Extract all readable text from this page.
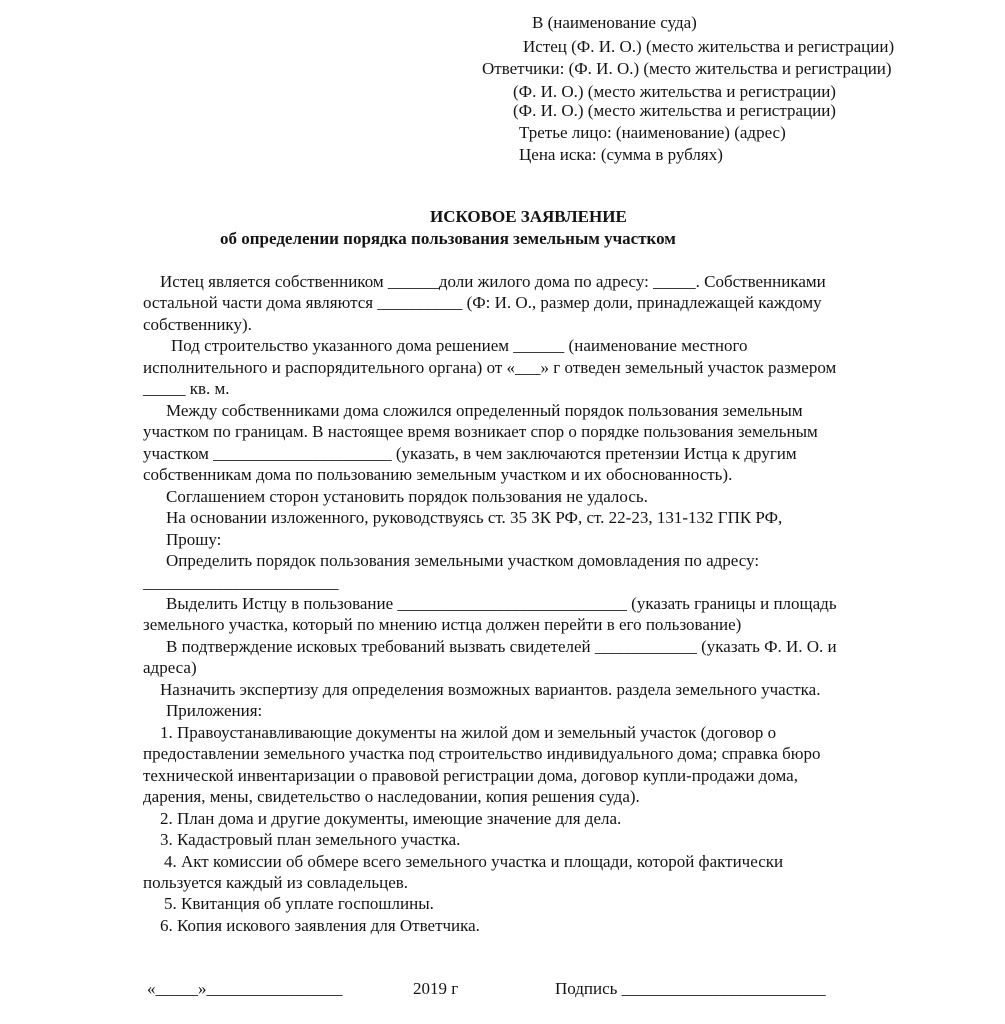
В (наименование суда)
Истец (Ф. И. О.) (место жительства и регистрации)
Ответчики: (Ф. И. О.) (место жительства и регистрации)
(Ф. И. О.) (место жительства и регистрации)
(Ф. И. О.) (место жительства и регистрации)
Третье лицо: (наименование) (адрес)
Цена иска: (сумма в рублях)
ИСКОВОЕ ЗАЯВЛЕНИЕ
об определении порядка пользования земельным участком
Истец является собственником ______доли жилого дома по адресу: _____. Собственниками
остальной части дома являются __________ (Ф: И. О., размер доли, принадлежащей каждому
собственнику).
Под строительство указанного дома решением ______ (наименование местного
исполнительного и распорядительного органа) от «___» г отведен земельный участок размером
_____ кв. м.
Между собственниками дома сложился определенный порядок пользования земельным
участком по границам. В настоящее время возникает спор о порядке пользования земельным
участком _____________________ (указать, в чем заключаются претензии Истца к другим
собственникам дома по пользованию земельным участком и их обоснованность).
Соглашением сторон установить порядок пользования не удалось.
На основании изложенного, руководствуясь ст. 35 ЗК РФ, ст. 22-23, 131-132 ГПК РФ,
Прошу:
Определить порядок пользования земельными участком домовладения по адресу:
_______________________
Выделить Истцу в пользование ___________________________ (указать границы и площадь
земельного участка, который по мнению истца должен перейти в его пользование)
В подтверждение исковых требований вызвать свидетелей ____________ (указать Ф. И. О. и
адреса)
Назначить экспертизу для определения возможных вариантов. раздела земельного участка.
Приложения:
1. Правоустанавливающие документы на жилой дом и земельный участок (договор о
предоставлении земельного участка под строительство индивидуального дома; справка бюро
технической инвентаризации о правовой регистрации дома, договор купли-продажи дома,
дарения, мены, свидетельство о наследовании, копия решения суда).
2. План дома и другие документы, имеющие значение для дела.
3. Кадастровый план земельного участка.
4. Акт комиссии об обмере всего земельного участка и площади, которой фактически
пользуется каждый из совладельцев.
5. Квитанция об уплате госпошлины.
6. Копия искового заявления для Ответчика.
«_____»________________	2019 г	Подпись ________________________
